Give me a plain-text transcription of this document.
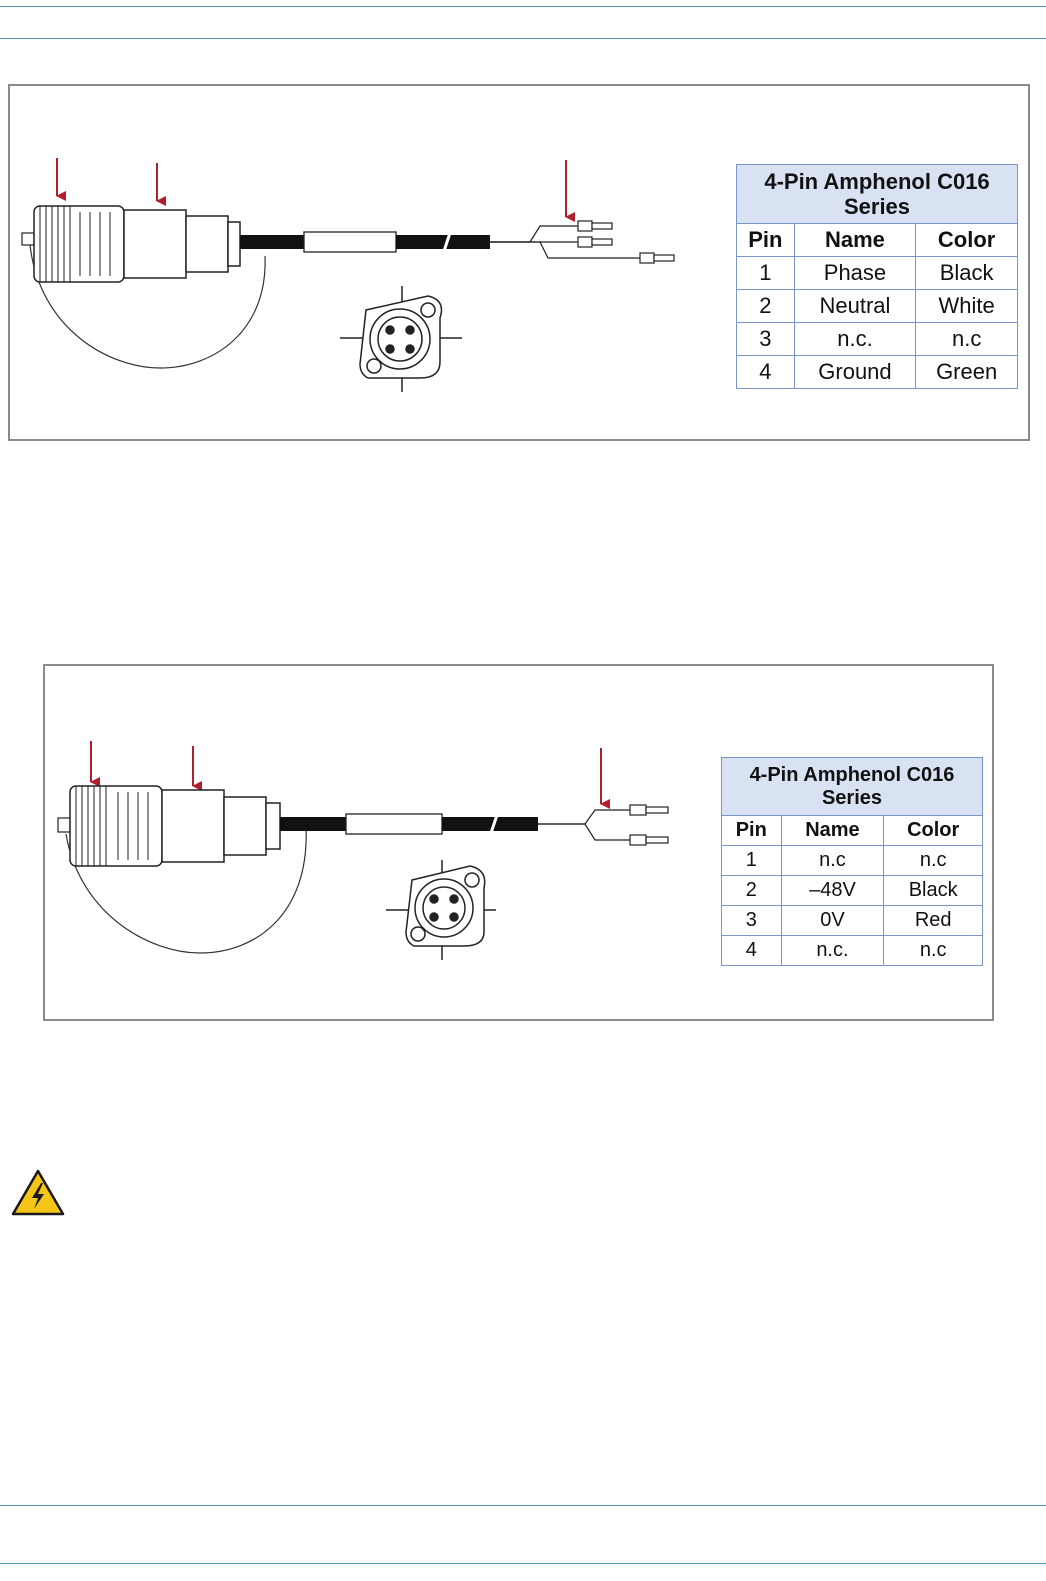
4-Pin Amphenol C016 Series		
Pin	Name	Color
1	Phase	Black
2	Neutral	White
3	n.c.	n.c
4	Ground	Green
4-Pin Amphenol C016 Series		
Pin	Name	Color
1	n.c	n.c
2	–48V	Black
3	0V	Red
4	n.c.	n.c
